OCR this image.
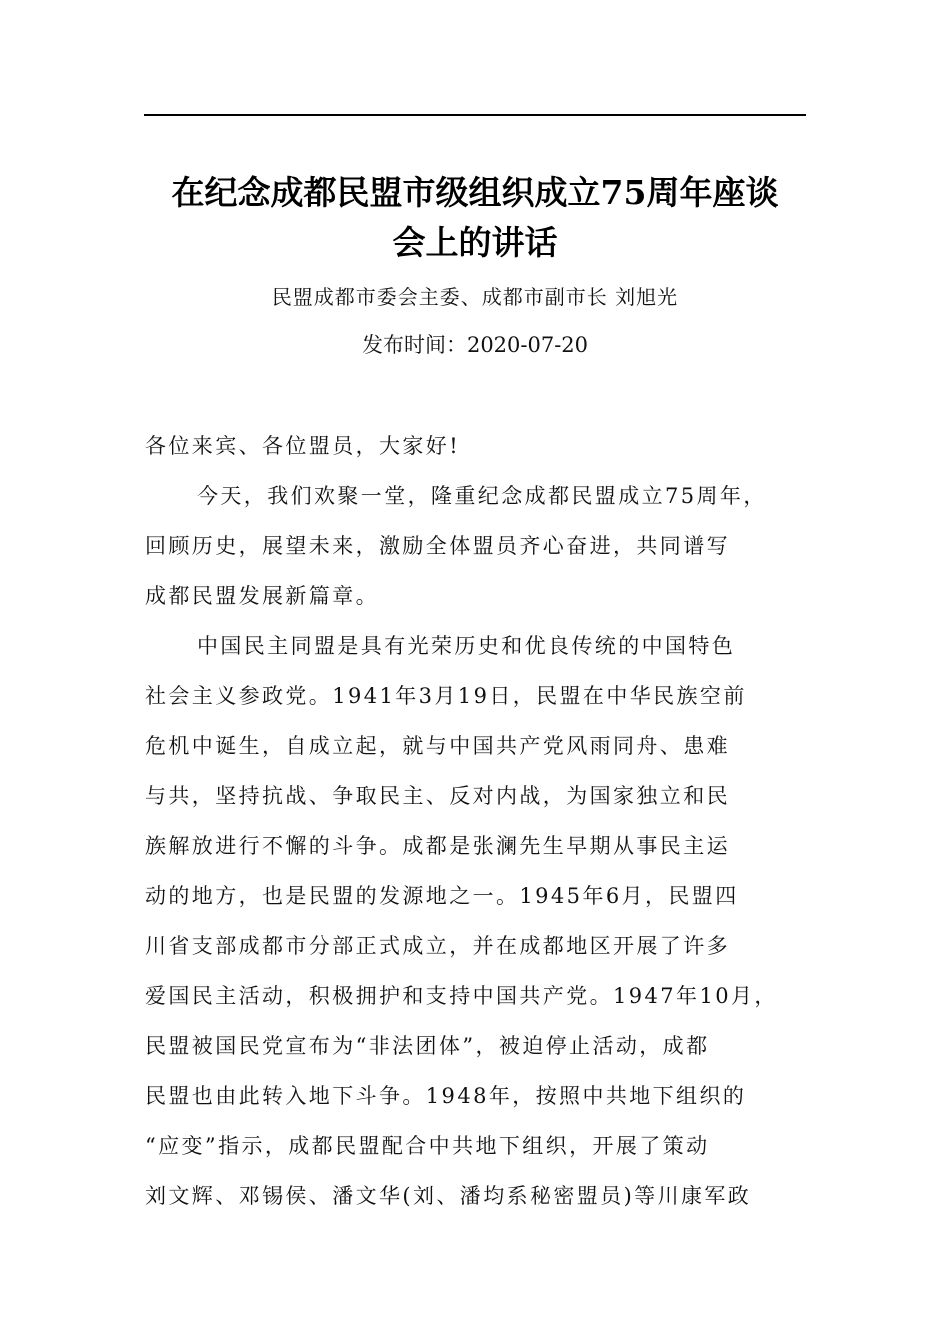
在纪念成都民盟市级组织成立75周年座谈
会上的讲话
民盟成都市委会主委、成都市副市长 刘旭光
发布时间：2020-07-20
各位来宾、各位盟员，大家好!
今天，我们欢聚一堂，隆重纪念成都民盟成立75周年，
回顾历史，展望未来，激励全体盟员齐心奋进，共同谱写
成都民盟发展新篇章。
中国民主同盟是具有光荣历史和优良传统的中国特色
社会主义参政党。1941年3月19日，民盟在中华民族空前
危机中诞生，自成立起，就与中国共产党风雨同舟、患难
与共，坚持抗战、争取民主、反对内战，为国家独立和民
族解放进行不懈的斗争。成都是张澜先生早期从事民主运
动的地方，也是民盟的发源地之一。1945年6月，民盟四
川省支部成都市分部正式成立，并在成都地区开展了许多
爱国民主活动，积极拥护和支持中国共产党。1947年10月，
民盟被国民党宣布为“非法团体”，被迫停止活动，成都
民盟也由此转入地下斗争。1948年，按照中共地下组织的
“应变”指示，成都民盟配合中共地下组织，开展了策动
刘文辉、邓锡侯、潘文华(刘、潘均系秘密盟员)等川康军政
